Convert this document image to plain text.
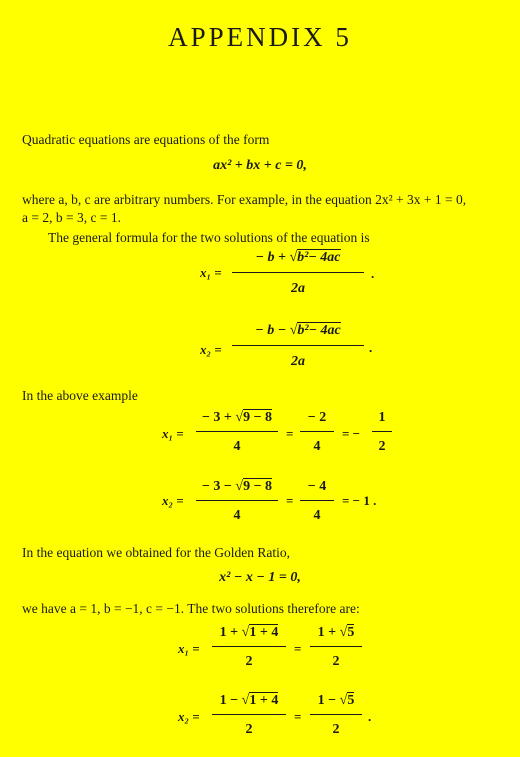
APPENDIX 5
Quadratic equations are equations of the form
ax² + bx + c = 0,
where a, b, c are arbitrary numbers. For example, in the equation 2x² + 3x + 1 = 0,
a = 2, b = 3, c = 1.
The general formula for the two solutions of the equation is
x₁ =
− b + √b²− 4ac
2a
.
x₂ =
− b − √b²− 4ac
2a
.
In the above example
x₁ =
− 3 + √9 − 8
4
=
− 2
4
= −
1
2
x₂ =
− 3 − √9 − 8
4
=
− 4
4
= − 1 .
In the equation we obtained for the Golden Ratio,
x² − x − 1 = 0,
we have a = 1, b = −1, c = −1. The two solutions therefore are:
x₁ =
1 + √1 + 4
2
=
1 + √5
2
x₂ =
1 − √1 + 4
2
=
1 − √5
2
.
